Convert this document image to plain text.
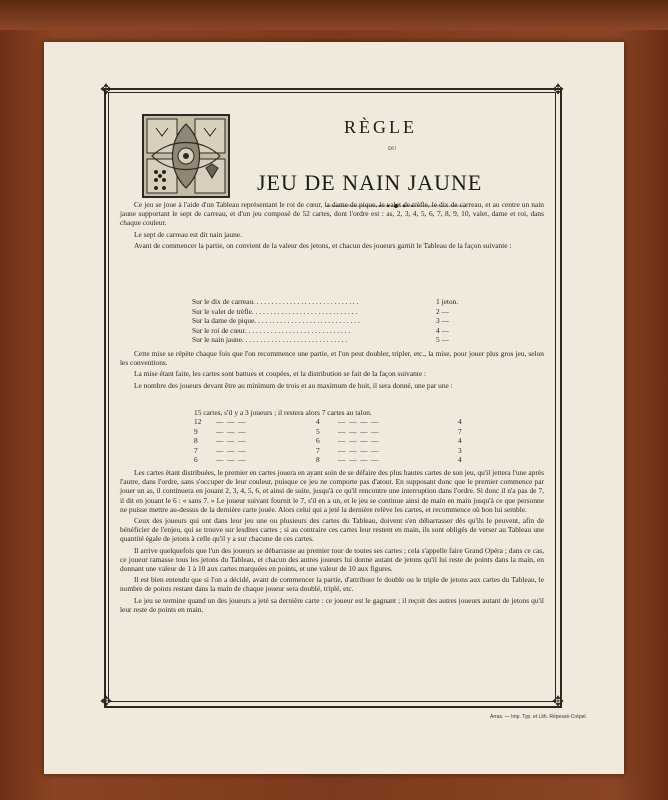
✥	✥
✥	✥
RÈGLE
DU
JEU DE NAIN JAUNE

Ce jeu se joue à l'aide d'un Tableau représentant le roi de cœur, la dame de pique, le valet de trèfle, le dix de carreau, et au centre un nain jaune supportant le sept de carreau, et d'un jeu composé de 52 cartes, dont l'ordre est : as, 2, 3, 4, 5, 6, 7, 8, 9, 10, valet, dame et roi, dans chaque couleur.

Le sept de carreau est dit nain jaune.

Avant de commencer la partie, on convient de la valeur des jetons, et chacun des joueurs garnit le Tableau de la façon suivante :

Sur le dix de carreau . . . . . . . . . . . . . . . . . . . . . . . . . . . . .	1 jeton.
Sur le valet de trèfle . . . . . . . . . . . . . . . . . . . . . . . . . . . . .	2 —
Sur la dame de pique . . . . . . . . . . . . . . . . . . . . . . . . . . . . .	3 —
Sur le roi de cœur . . . . . . . . . . . . . . . . . . . . . . . . . . . . .	4 —
Sur le nain jaune . . . . . . . . . . . . . . . . . . . . . . . . . . . . .	5 —

Cette mise se répète chaque fois que l'on recommence une partie, et l'on peut doubler, tripler, etc., la mise, pour jouer plus gros jeu, selon les conventions.

La mise étant faite, les cartes sont battues et coupées, et la distribution se fait de la façon suivante :

Le nombre des joueurs devant être au minimum de trois et au maximum de huit, il sera donné, une par une :

15 cartes, s'il y a 3 joueurs ; il restera alors 7 cartes au talon.
12	—  —  —	4	—  —  —  —	4
9	—  —  —	5	—  —  —  —	7
8	—  —  —	6	—  —  —  —	4
7	—  —  —	7	—  —  —  —	3
6	—  —  —	8	—  —  —  —	4

Les cartes étant distribuées, le premier en cartes jouera en ayant soin de se défaire des plus hautes cartes de son jeu, qu'il jettera l'une après l'autre, dans l'ordre, sans s'occuper de leur couleur, puisque ce jeu ne comporte pas d'atout. En supposant donc que le premier commence par jouer un as, il continuera en jouant 2, 3, 4, 5, 6, et ainsi de suite, jusqu'à ce qu'il rencontre une interruption dans l'ordre. Si donc il n'a pas de 7, il dit en jouant le 6 : « sans 7. » Le joueur suivant fournit le 7, s'il en a un, et le jeu se continue ainsi de main en main jusqu'à ce que personne ne puisse mettre au-dessus de la dernière carte jouée. Alors celui qui a jeté la dernière relève les cartes, et recommence où bon lui semble.

Ceux des joueurs qui ont dans leur jeu une ou plusieurs des cartes du Tableau, doivent s'en débarrasser dès qu'ils le peuvent, afin de bénéficier de l'enjeu, qui se trouve sur lesdites cartes ; si au contraire ces cartes leur restent en main, ils sont obligés de verser au Tableau une quantité égale de jetons à celle qu'il y a sur chacune de ces cartes.

Il arrive quelquefois que l'un des joueurs se débarrasse au premier tour de toutes ses cartes ; cela s'appelle faire Grand Opéra ; dans ce cas, ce joueur ramasse tous les jetons du Tableau, et chacun des autres joueurs lui donne autant de jetons qu'il lui reste de points dans la main, en donnant une valeur de 1 à 10 aux cartes marquées en points, et une valeur de 10 aux figures.

Il est bien entendu que si l'on a décidé, avant de commencer la partie, d'attribuer le double ou le triple de jetons aux cartes du Tableau, le nombre de points restant dans la main de chaque joueur sera doublé, triplé, etc.

Le jeu se termine quand un des joueurs a jeté sa dernière carte : ce joueur est le gagnant ; il reçoit des autres joueurs autant de jetons qu'il leur reste de points en main.

Arras. — Imp. Typ. et Lith. Répessé-Crépel.
